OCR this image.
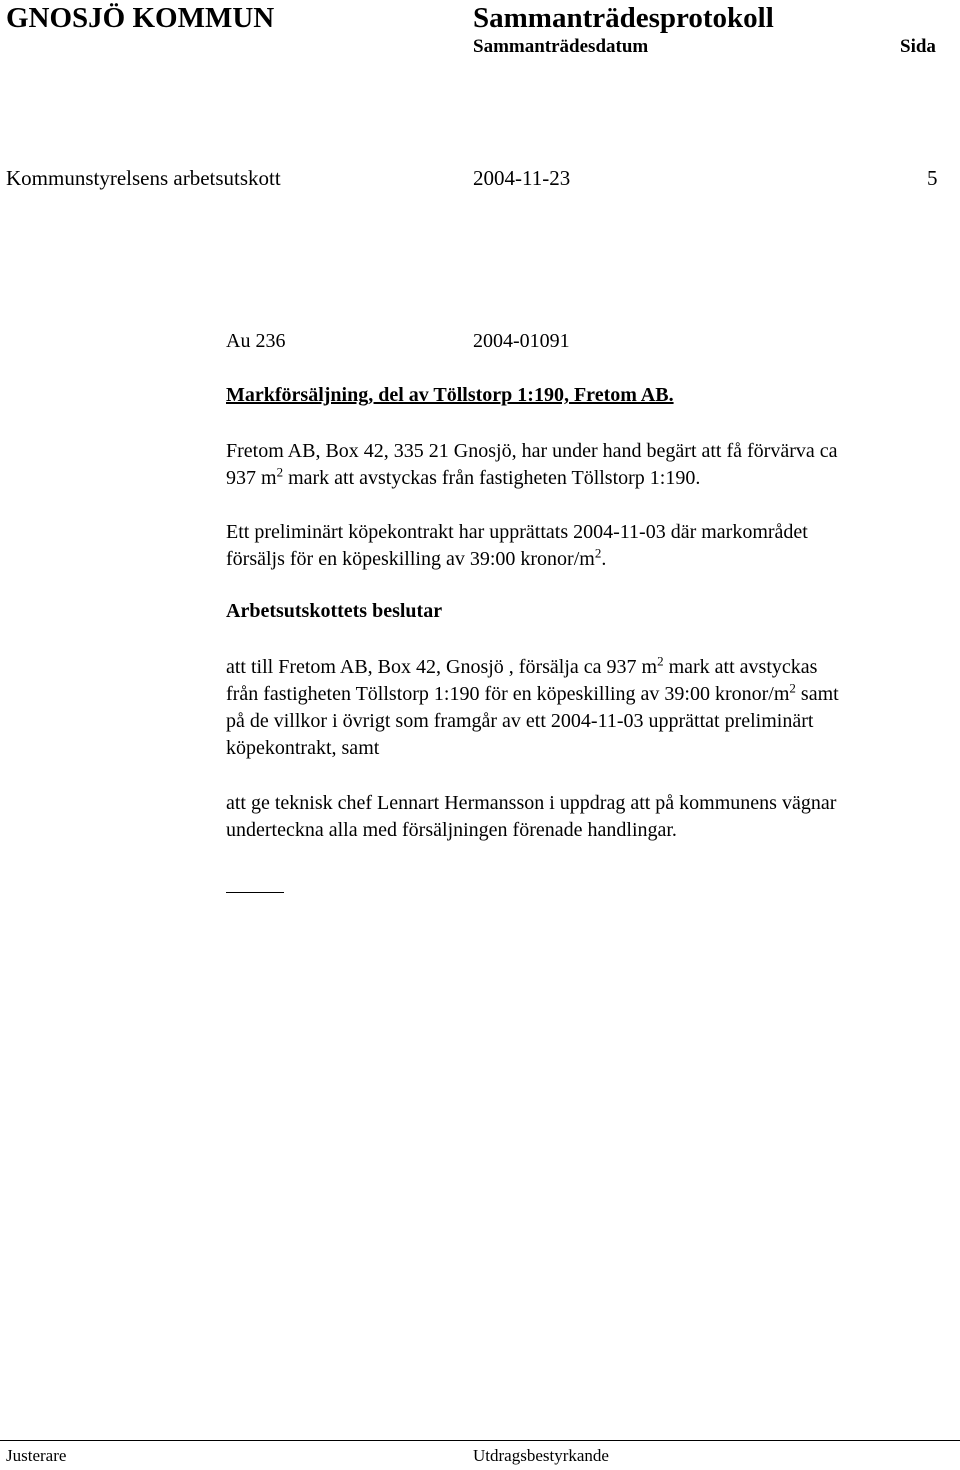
GNOSJÖ KOMMUN	Sammanträdesprotokoll
Sammanträdesdatum	Sida
Kommunstyrelsens arbetsutskott	2004-11-23	5
Au 236	2004-01091
Markförsäljning, del av Töllstorp 1:190, Fretom AB.
Fretom AB, Box 42, 335 21 Gnosjö, har under hand begärt att få förvärva ca
937 $m^2$ mark att avstyckas från fastigheten Töllstorp 1:190.
Ett preliminärt köpekontrakt har upprättats 2004-11-03 där markområdet
försäljs för en köpeskilling av 39:00 kronor/$m^2$.
Arbetsutskottets beslutar
att till Fretom AB, Box 42, Gnosjö , försälja ca 937 $m^2$ mark att avstyckas
från fastigheten Töllstorp 1:190 för en köpeskilling av 39:00 kronor/$m^2$ samt
på de villkor i övrigt som framgår av ett 2004-11-03 upprättat preliminärt
köpekontrakt, samt
att ge teknisk chef Lennart Hermansson i uppdrag att på kommunens vägnar
underteckna alla med försäljningen förenade handlingar.
Justerare	Utdragsbestyrkande
